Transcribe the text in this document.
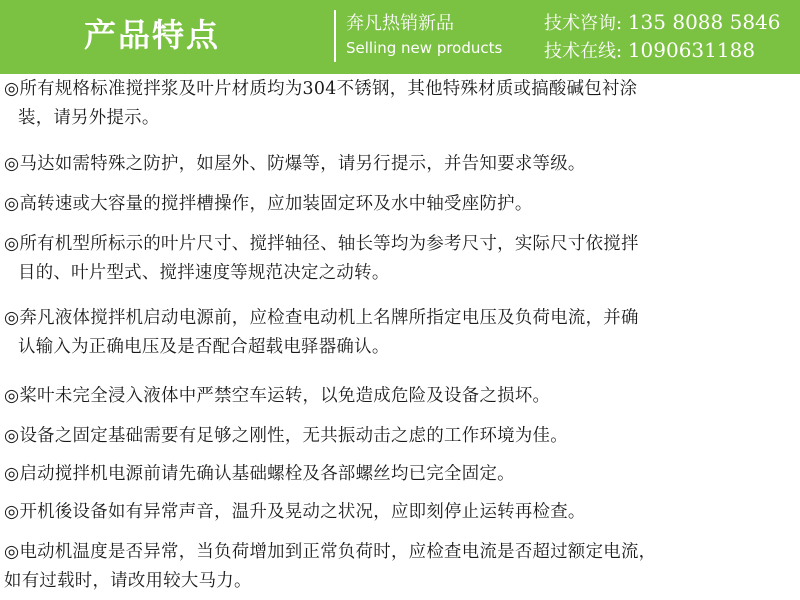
产品特点	奔凡热销新品
Selling new products
技术咨询: 135 8088 5846
技术在线: 1090631188
◎所有规格标准搅拌浆及叶片材质均为304不锈钢，其他特殊材质或搞酸碱包衬涂
装，请另外提示。
◎马达如需特殊之防护，如屋外、防爆等，请另行提示，并告知要求等级。
◎高转速或大容量的搅拌槽操作，应加装固定环及水中轴受座防护。
◎所有机型所标示的叶片尺寸、搅拌轴径、轴长等均为参考尺寸，实际尺寸依搅拌
目的、叶片型式、搅拌速度等规范决定之动转。
◎奔凡液体搅拌机启动电源前，应检查电动机上名牌所指定电压及负荷电流，并确
认输入为正确电压及是否配合超载电驿器确认。
◎桨叶未完全浸入液体中严禁空车运转，以免造成危险及设备之损坏。
◎设备之固定基础需要有足够之刚性，无共振动击之虑的工作环境为佳。
◎启动搅拌机电源前请先确认基础螺栓及各部螺丝均已完全固定。
◎开机後设备如有异常声音，温升及晃动之状况，应即刻停止运转再检查。
◎电动机温度是否异常，当负荷增加到正常负荷时，应检查电流是否超过额定电流，
如有过载时，请改用较大马力。
